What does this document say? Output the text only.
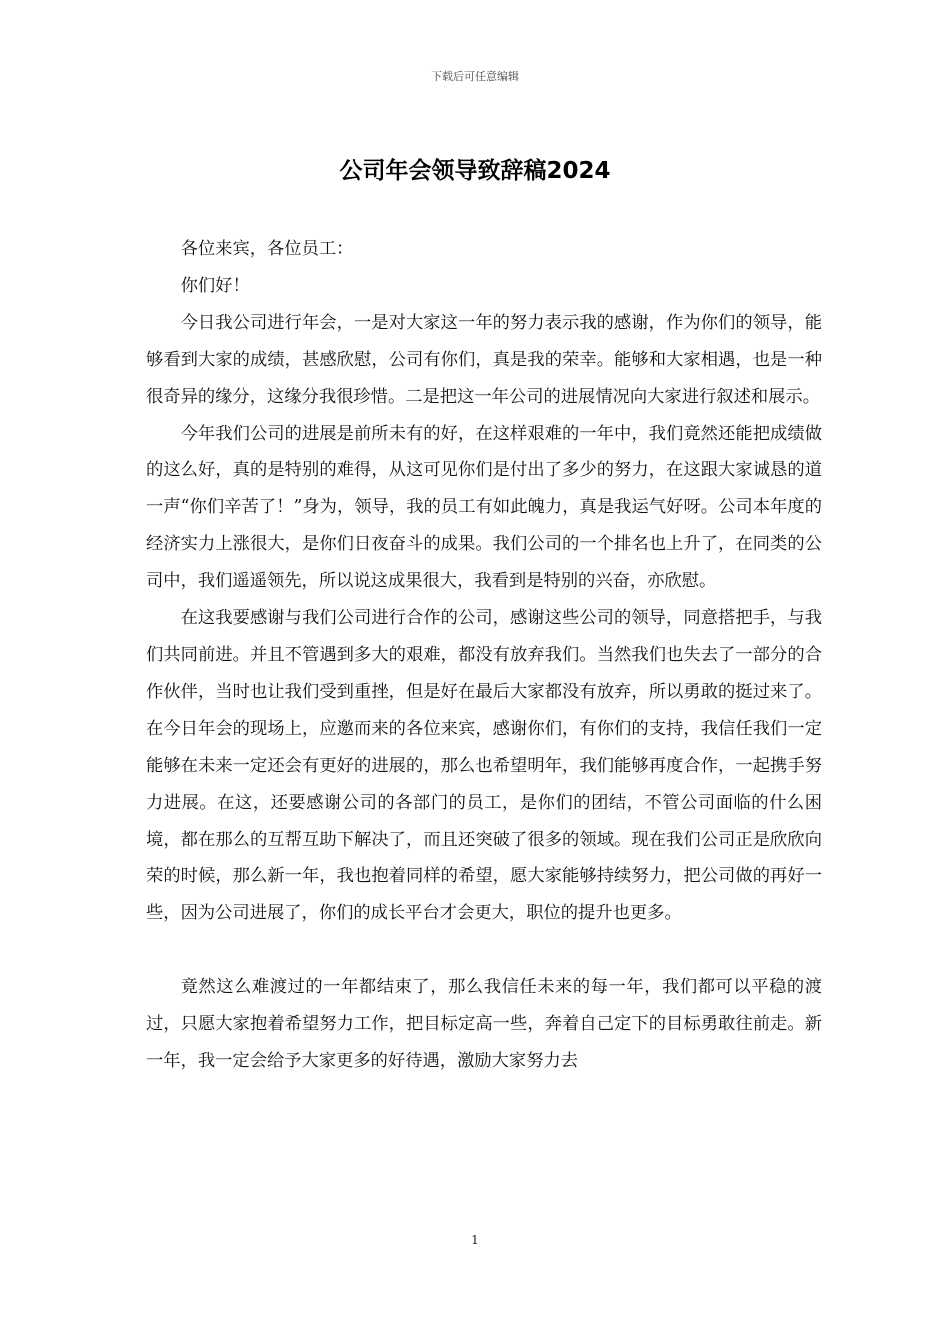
下载后可任意编辑
公司年会领导致辞稿2024

各位来宾，各位员工：

你们好！

今日我公司进行年会，一是对大家这一年的努力表示我的感谢，作为你们的领导，能够看到大家的成绩，甚感欣慰，公司有你们，真是我的荣幸。能够和大家相遇，也是一种很奇异的缘分，这缘分我很珍惜。二是把这一年公司的进展情况向大家进行叙述和展示。

今年我们公司的进展是前所未有的好，在这样艰难的一年中，我们竟然还能把成绩做的这么好，真的是特别的难得，从这可见你们是付出了多少的努力，在这跟大家诚恳的道一声“你们辛苦了！”身为，领导，我的员工有如此魄力，真是我运气好呀。公司本年度的经济实力上涨很大，是你们日夜奋斗的成果。我们公司的一个排名也上升了，在同类的公司中，我们遥遥领先，所以说这成果很大，我看到是特别的兴奋，亦欣慰。

在这我要感谢与我们公司进行合作的公司，感谢这些公司的领导，同意搭把手，与我们共同前进。并且不管遇到多大的艰难，都没有放弃我们。当然我们也失去了一部分的合作伙伴，当时也让我们受到重挫，但是好在最后大家都没有放弃，所以勇敢的挺过来了。在今日年会的现场上，应邀而来的各位来宾，感谢你们，有你们的支持，我信任我们一定能够在未来一定还会有更好的进展的，那么也希望明年，我们能够再度合作，一起携手努力进展。在这，还要感谢公司的各部门的员工，是你们的团结，不管公司面临的什么困境，都在那么的互帮互助下解决了，而且还突破了很多的领域。现在我们公司正是欣欣向荣的时候，那么新一年，我也抱着同样的希望，愿大家能够持续努力，把公司做的再好一些，因为公司进展了，你们的成长平台才会更大，职位的提升也更多。

竟然这么难渡过的一年都结束了，那么我信任未来的每一年，我们都可以平稳的渡过，只愿大家抱着希望努力工作，把目标定高一些，奔着自己定下的目标勇敢往前走。新一年，我一定会给予大家更多的好待遇，激励大家努力去

1
